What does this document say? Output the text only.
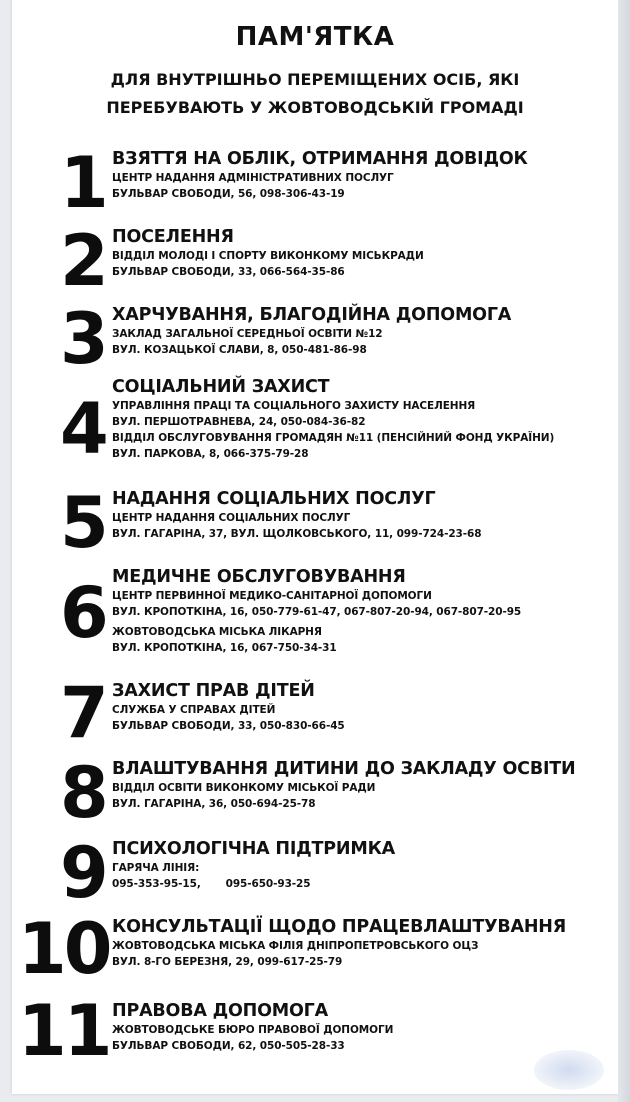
ПАМ'ЯТКА
ДЛЯ ВНУТРІШНЬО ПЕРЕМІЩЕНИХ ОСІБ, ЯКІ
ПЕРЕБУВАЮТЬ У ЖОВТОВОДСЬКІЙ ГРОМАДІ
1 ВЗЯТТЯ НА ОБЛІК, ОТРИМАННЯ ДОВІДОК
ЦЕНТР НАДАННЯ АДМІНІСТРАТИВНИХ ПОСЛУГ
БУЛЬВАР СВОБОДИ, 56, 098-306-43-19
2 ПОСЕЛЕННЯ
ВІДДІЛ МОЛОДІ І СПОРТУ ВИКОНКОМУ МІСЬКРАДИ
БУЛЬВАР СВОБОДИ, 33, 066-564-35-86
3 ХАРЧУВАННЯ, БЛАГОДІЙНА ДОПОМОГА
ЗАКЛАД ЗАГАЛЬНОЇ СЕРЕДНЬОЇ ОСВІТИ №12
ВУЛ. КОЗАЦЬКОЇ СЛАВИ, 8, 050-481-86-98
4
СОЦІАЛЬНИЙ ЗАХИСТ
УПРАВЛІННЯ ПРАЦІ ТА СОЦІАЛЬНОГО ЗАХИСТУ НАСЕЛЕННЯ
ВУЛ. ПЕРШОТРАВНЕВА, 24, 050-084-36-82
ВІДДІЛ ОБСЛУГОВУВАННЯ ГРОМАДЯН №11 (ПЕНСІЙНИЙ ФОНД УКРАЇНИ)
ВУЛ. ПАРКОВА, 8, 066-375-79-28
5 НАДАННЯ СОЦІАЛЬНИХ ПОСЛУГ
ЦЕНТР НАДАННЯ СОЦІАЛЬНИХ ПОСЛУГ
ВУЛ. ГАГАРІНА, 37, ВУЛ. ЩОЛКОВСЬКОГО, 11, 099-724-23-68
6 МЕДИЧНЕ ОБСЛУГОВУВАННЯ
ЦЕНТР ПЕРВИННОЇ МЕДИКО-САНІТАРНОЇ ДОПОМОГИ
ВУЛ. КРОПОТКІНА, 16, 050-779-61-47, 067-807-20-94, 067-807-20-95
ЖОВТОВОДСЬКА МІСЬКА ЛІКАРНЯ
ВУЛ. КРОПОТКІНА, 16, 067-750-34-31
7 ЗАХИСТ ПРАВ ДІТЕЙ
СЛУЖБА У СПРАВАХ ДІТЕЙ
БУЛЬВАР СВОБОДИ, 33, 050-830-66-45
8 ВЛАШТУВАННЯ ДИТИНИ ДО ЗАКЛАДУ ОСВІТИ
ВІДДІЛ ОСВІТИ ВИКОНКОМУ МІСЬКОЇ РАДИ
ВУЛ. ГАГАРІНА, 36, 050-694-25-78
9 ПСИХОЛОГІЧНА ПІДТРИМКА
ГАРЯЧА ЛІНІЯ:
095-353-95-15,       095-650-93-25
10 КОНСУЛЬТАЦІЇ ЩОДО ПРАЦЕВЛАШТУВАННЯ
ЖОВТОВОДСЬКА МІСЬКА ФІЛІЯ ДНІПРОПЕТРОВСЬКОГО ОЦЗ
ВУЛ. 8-ГО БЕРЕЗНЯ, 29, 099-617-25-79
11 ПРАВОВА ДОПОМОГА
ЖОВТОВОДСЬКЕ БЮРО ПРАВОВОЇ ДОПОМОГИ
БУЛЬВАР СВОБОДИ, 62, 050-505-28-33
